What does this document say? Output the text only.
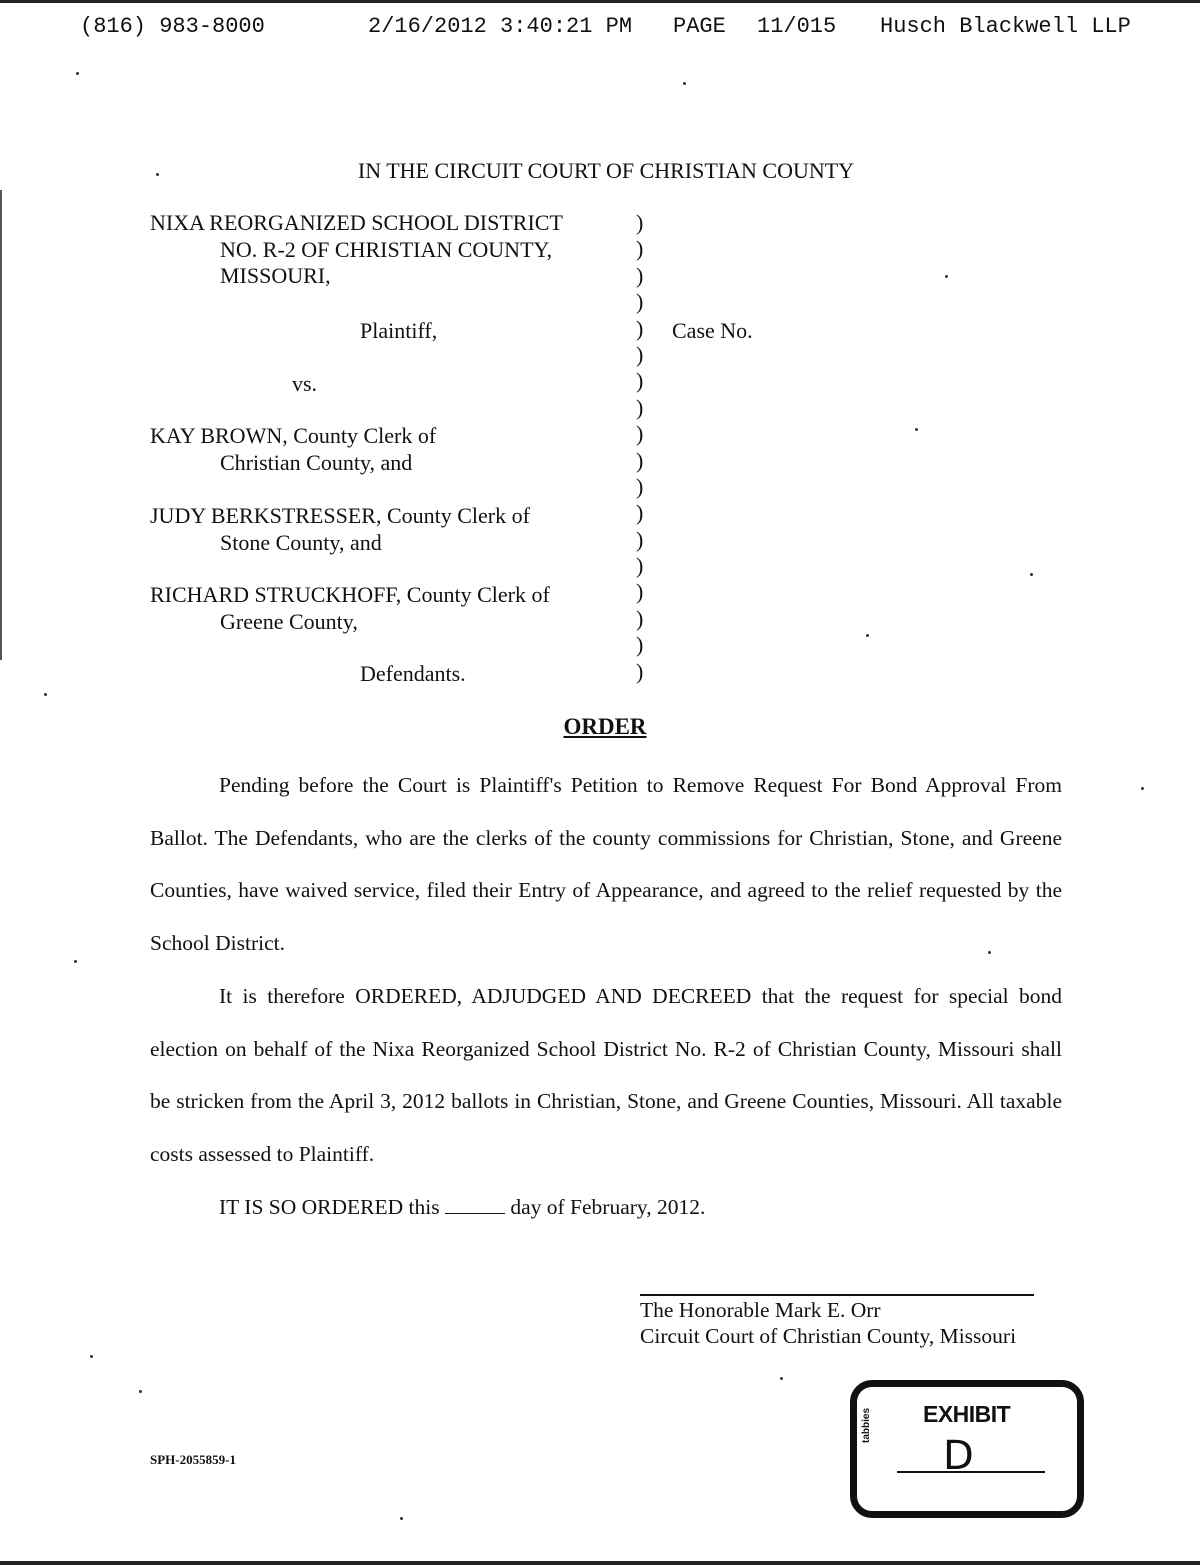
(816) 983-8000	2/16/2012 3:40:21 PM PAGE 11/015 Husch Blackwell LLP
IN THE CIRCUIT COURT OF CHRISTIAN COUNTY
NIXA REORGANIZED SCHOOL DISTRICT
NO. R-2 OF CHRISTIAN COUNTY,
MISSOURI,
Plaintiff,
vs.
KAY BROWN, County Clerk of
Christian County, and
JUDY BERKSTRESSER, County Clerk of
Stone County, and
RICHARD STRUCKHOFF, County Clerk of
Greene County,
Defendants.
)
)
)
)
)
)
)
)
)
)
)
)
)
)
)
)
)
)
Case No.
ORDER

Pending before the Court is Plaintiff's Petition to Remove Request For Bond Approval From Ballot. The Defendants, who are the clerks of the county commissions for Christian, Stone, and Greene Counties, have waived service, filed their Entry of Appearance, and agreed to the relief requested by the School District.

It is therefore ORDERED, ADJUDGED AND DECREED that the request for special bond election on behalf of the Nixa Reorganized School District No. R-2 of Christian County, Missouri shall be stricken from the April 3, 2012 ballots in Christian, Stone, and Greene Counties, Missouri. All taxable costs assessed to Plaintiff.

IT IS SO ORDERED this	day of February, 2012.
The Honorable Mark E. Orr
Circuit Court of Christian County, Missouri
SPH-2055859-1
EXHIBIT
tabbies
D
